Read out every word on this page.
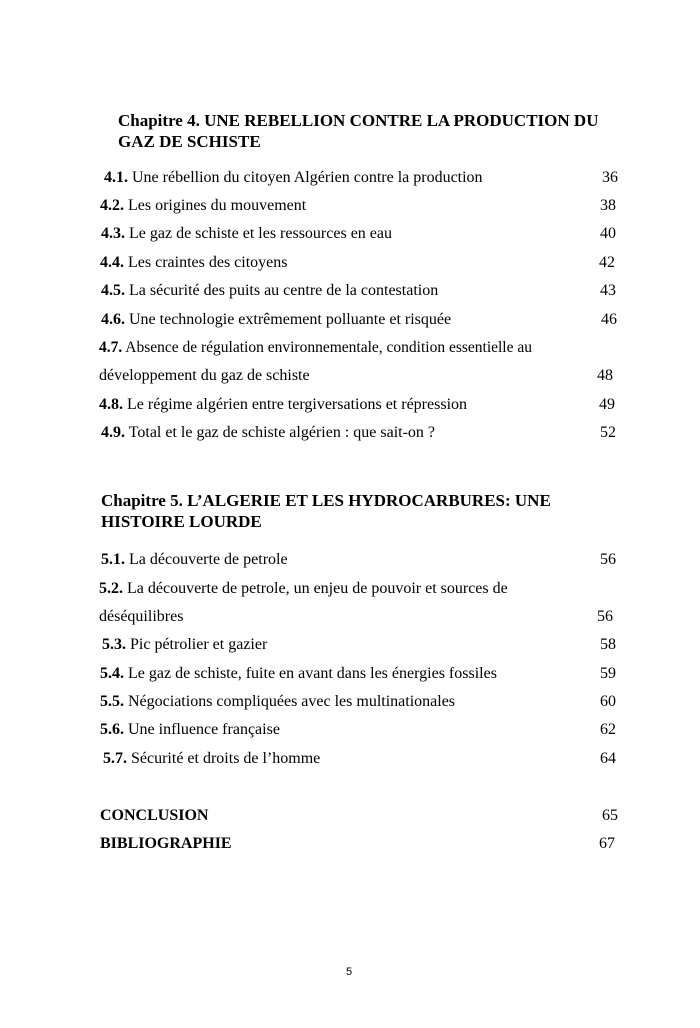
Chapitre 4. UNE REBELLION CONTRE LA PRODUCTION DU
GAZ DE SCHISTE
4.1. Une rébellion du citoyen Algérien contre la production	36
4.2. Les origines du mouvement	38
4.3. Le gaz de schiste et les ressources en eau	40
4.4. Les craintes des citoyens	42
4.5. La sécurité des puits au centre de la contestation	43
4.6. Une technologie extrêmement polluante et risquée	46
4.7. Absence de régulation environnementale, condition essentielle au
développement du gaz de schiste	48
4.8. Le régime algérien entre tergiversations et répression	49
4.9. Total et le gaz de schiste algérien : que sait-on ?	52
Chapitre 5. L’ALGERIE ET LES HYDROCARBURES: UNE
HISTOIRE LOURDE
5.1. La découverte de petrole	56
5.2. La découverte de petrole, un enjeu de pouvoir et sources de
déséquilibres	56
5.3. Pic pétrolier et gazier	58
5.4. Le gaz de schiste, fuite en avant dans les énergies fossiles	59
5.5. Négociations compliquées avec les multinationales	60
5.6. Une influence française	62
5.7. Sécurité et droits de l’homme	64
CONCLUSION	65
BIBLIOGRAPHIE	67
5
